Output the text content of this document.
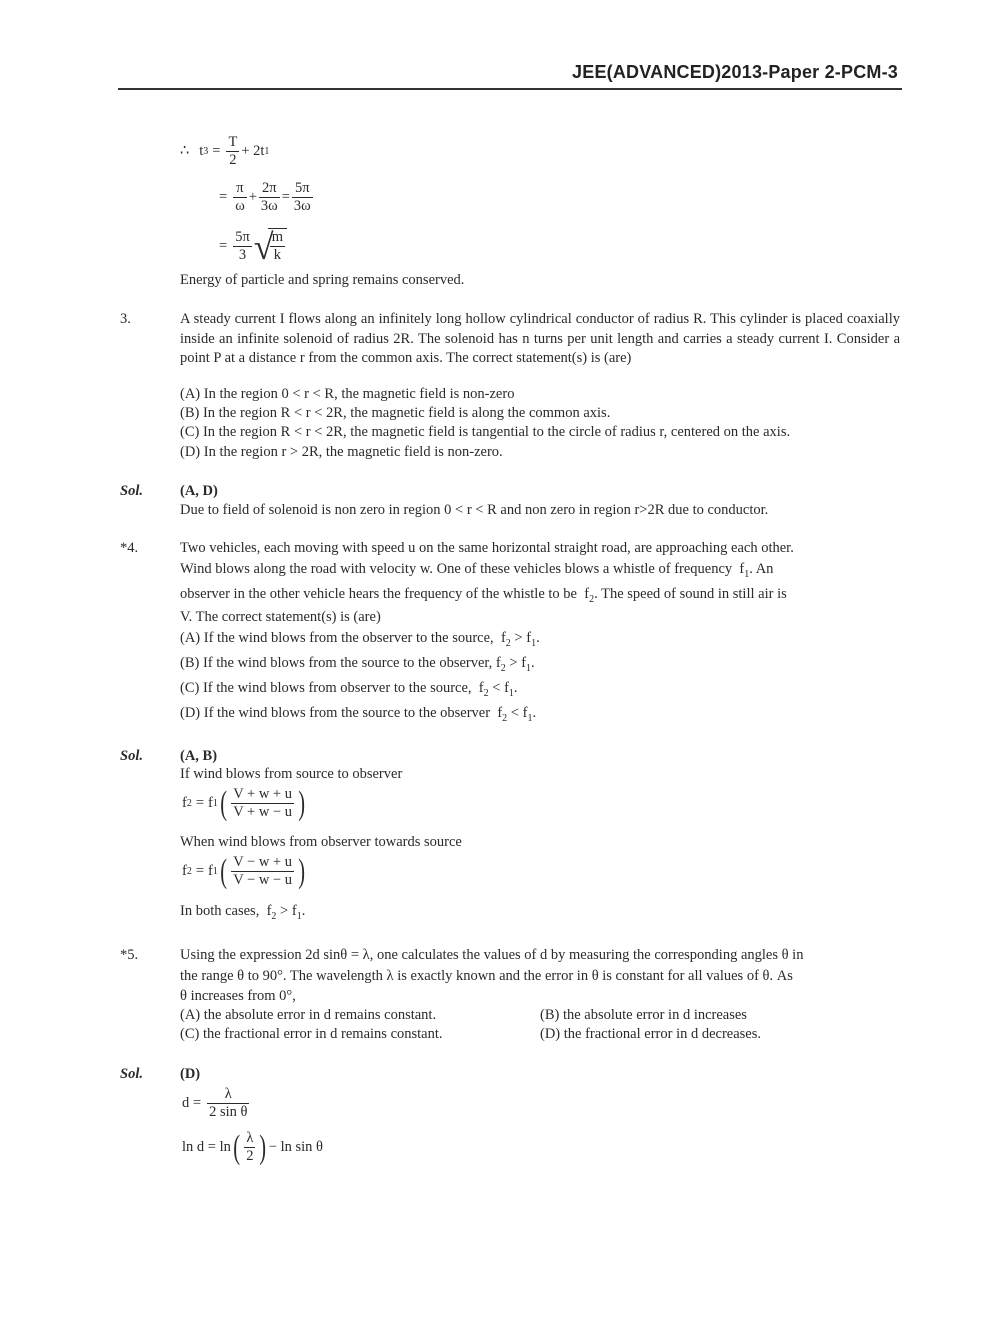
JEE(ADVANCED)2013-Paper 2-PCM-3
∴ t $3 = \frac{T}{2} + 2t$ 1
= $\frac{\pi}{\omega} + \frac{2\pi}{3\omega} = \frac{5\pi}{3\omega}$
= $\frac{5\pi}{3}$ √
$\frac{m}{k}$
Energy of particle and spring remains conserved.
3.	A steady current I flows along an infinitely long hollow cylindrical conductor of radius R. This cylinder is placed coaxially inside an infinite solenoid of radius 2R. The solenoid has n turns per unit length and carries a steady current I. Consider a point P at a distance r from the common axis. The correct statement(s) is (are)
(A) In the region 0 < r < R, the magnetic field is non-zero
(B) In the region R < r < 2R, the magnetic field is along the common axis.
(C) In the region R < r < 2R, the magnetic field is tangential to the circle of radius r, centered on the axis.
(D) In the region r > 2R, the magnetic field is non-zero.
Sol.	(A, D)
Due to field of solenoid is non zero in region 0 < r < R and non zero in region r>2R due to conductor.
*4.	Two vehicles, each moving with speed u on the same horizontal straight road, are approaching each other.
Wind blows along the road with velocity w. One of these vehicles blows a whistle of frequency $f_1$. An
observer in the other vehicle hears the frequency of the whistle to be $f_2$. The speed of sound in still air is
V. The correct statement(s) is (are)
(A) If the wind blows from the observer to the source, $f_2 > f_1$.
(B) If the wind blows from the source to the observer, $f_2 > f_1$.
(C) If the wind blows from observer to the source, $f_2 < f_1$.
(D) If the wind blows from the source to the observer $f_2 < f_1$.
Sol.	(A, B)
If wind blows from source to observer
f 2 = f 1 ( $\frac{V + w + u}{V + w - u}$ )
When wind blows from observer towards source
f 2 = f 1 ( $\frac{V - w + u}{V - w - u}$ )
In both cases, $f_2 > f_1$.
*5.	Using the expression 2d sinθ = λ, one calculates the values of d by measuring the corresponding angles θ in
the range θ to 90°. The wavelength λ is exactly known and the error in θ is constant for all values of θ. As
θ increases from 0°,
(A) the absolute error in d remains constant.	(B) the absolute error in d increases
(C) the fractional error in d remains constant.	(D) the fractional error in d decreases.
Sol.	(D)
$d = \frac{\lambda}{\text{2 sin θ}}$
ln d = ln ( $\frac{\lambda}{2}$ ) − ln sin θ
